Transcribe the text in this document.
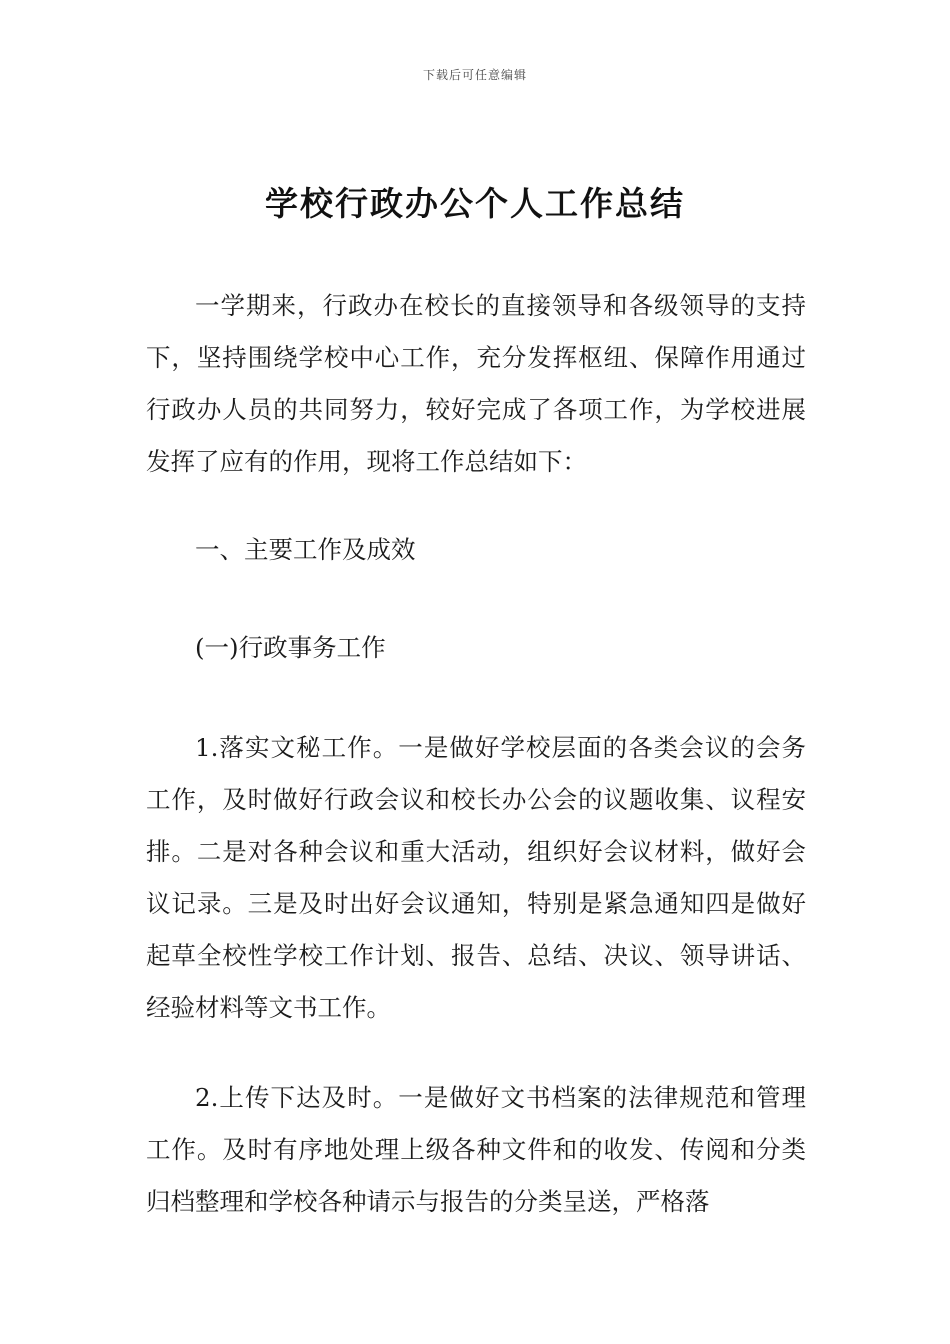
下载后可任意编辑
学校行政办公个人工作总结

一学期来，行政办在校长的直接领导和各级领导的支持下，坚持围绕学校中心工作，充分发挥枢纽、保障作用通过行政办人员的共同努力，较好完成了各项工作，为学校进展发挥了应有的作用，现将工作总结如下：

一、主要工作及成效

(一)行政事务工作

1.落实文秘工作。一是做好学校层面的各类会议的会务工作，及时做好行政会议和校长办公会的议题收集、议程安排。二是对各种会议和重大活动，组织好会议材料，做好会议记录。三是及时出好会议通知，特别是紧急通知四是做好起草全校性学校工作计划、报告、总结、决议、领导讲话、经验材料等文书工作。

2.上传下达及时。一是做好文书档案的法律规范和管理工作。及时有序地处理上级各种文件和的收发、传阅和分类归档整理和学校各种请示与报告的分类呈送，严格落
